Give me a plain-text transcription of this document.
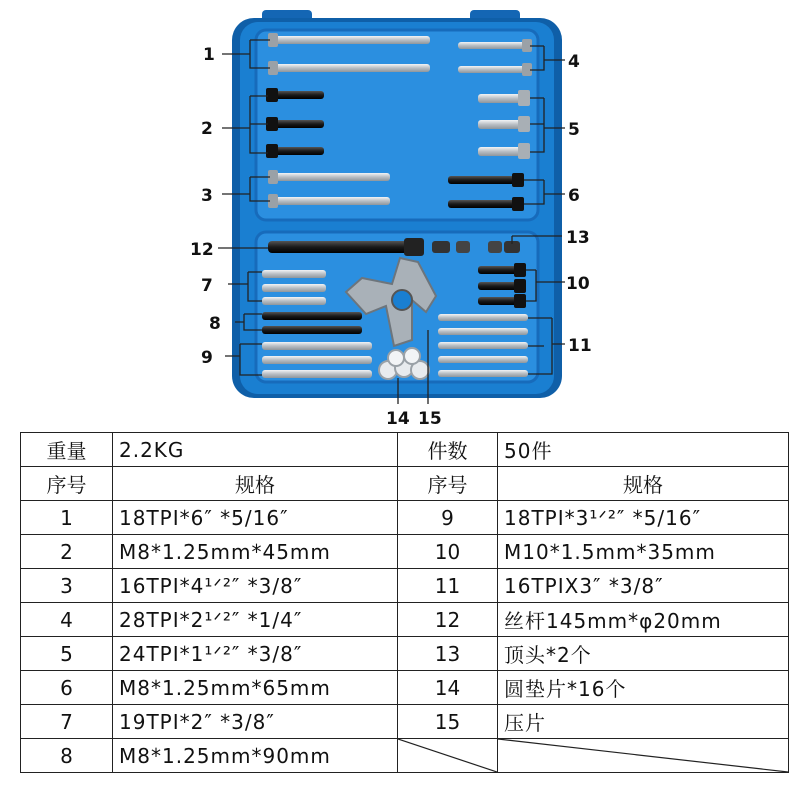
1
2
3
4
5
6
7
8
9
10
11
12
13
14 15
重量	2.2KG	件数	50件
序号	规格	序号	规格
1	18TPI*6″ *5/16″	9	18TPI*3¹ᐟ²″ *5/16″
2	M8*1.25mm*45mm	10	M10*1.5mm*35mm
3	16TPI*4¹ᐟ²″ *3/8″	11	16TPIX3″ *3/8″
4	28TPI*2¹ᐟ²″ *1/4″	12	丝杆145mm*φ20mm
5	24TPI*1¹ᐟ²″ *3/8″	13	顶头*2个
6	M8*1.25mm*65mm	14	圆垫片*16个
7	19TPI*2″ *3/8″	15	压片
8	M8*1.25mm*90mm	
